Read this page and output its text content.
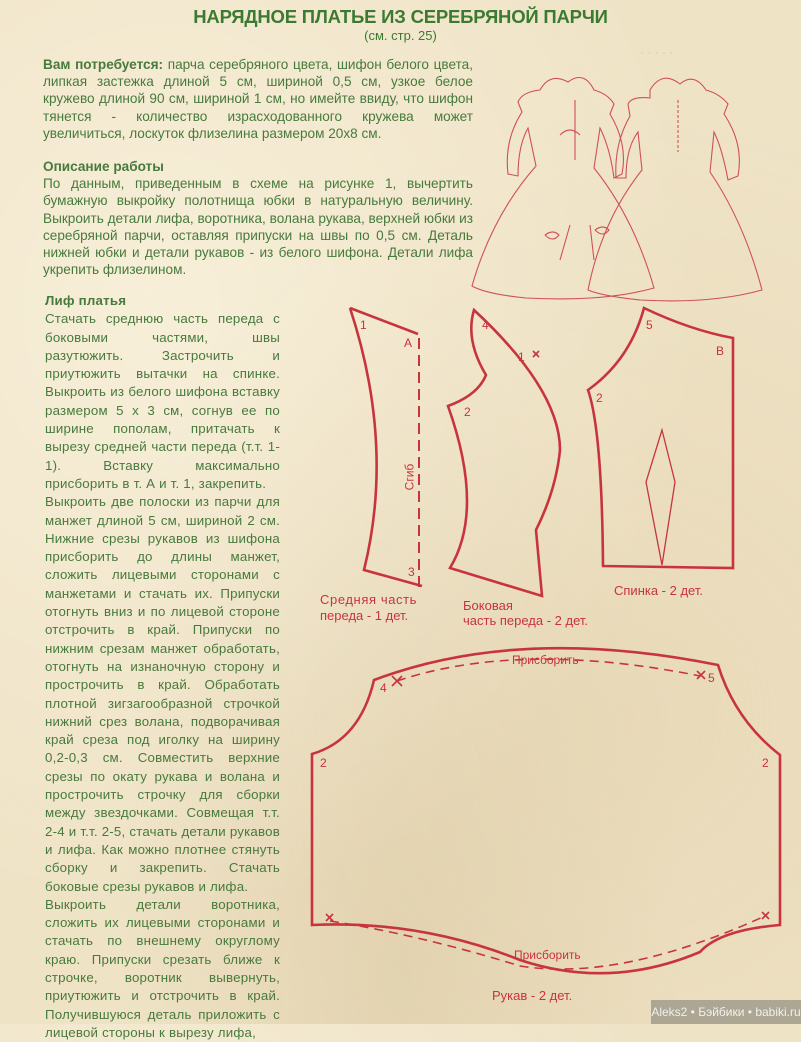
НАРЯДНОЕ ПЛАТЬЕ ИЗ СЕРЕБРЯНОЙ ПАРЧИ
(см. стр. 25)
· · · · ·

Вам потребуется: парча серебряного цвета, шифон белого цвета, липкая застежка длиной 5 см, шириной 0,5 см, узкое белое кружево длиной 90 см, шириной 1 см, но имейте ввиду, что шифон тянется - количество израсходованного кружева может увеличиться, лоскуток флизелина размером 20х8 см.

Описание работы

По данным, приведенным в схеме на рисунке 1, вычертить бумажную выкройку полотнища юбки в натуральную величину. Выкроить детали лифа, воротника, волана рукава, верхней юбки из серебряной парчи, оставляя припуски на швы по 0,5 см. Деталь нижней юбки и детали рукавов - из белого шифона. Детали лифа укрепить флизелином.

Лиф платья

Стачать среднюю часть переда с боковыми частями, швы разутюжить. Застрочить и приутюжить вытачки на спинке. Выкроить из белого шифона вставку размером 5 х 3 см, согнув ее по ширине пополам, притачать к вырезу средней части переда (т.т. 1-1). Вставку максимально присборить в т. А и т. 1, закрепить.

Выкроить две полоски из парчи для манжет длиной 5 см, шириной 2 см. Нижние срезы рукавов из шифона присборить до длины манжет, сложить лицевыми сторонами с манжетами и стачать их. Припуски отогнуть вниз и по лицевой стороне отстрочить в край. Припуски по нижним срезам манжет обработать, отогнуть на изнаночную сторону и прострочить в край. Обработать плотной зигзагообразной строчкой нижний срез волана, подворачивая край среза под иголку на ширину 0,2-0,3 см. Совместить верхние срезы по окату рукава и волана и прострочить строчку для сборки между звездочками. Совмещая т.т. 2-4 и т.т. 2-5, стачать детали рукавов и лифа. Как можно плотнее стянуть сборку и закрепить. Стачать боковые срезы рукавов и лифа.

Выкроить детали воротника, сложить их лицевыми сторонами и стачать по внешнему округлому краю. Припуски срезать ближе к строчке, воротник вывернуть, приутюжить и отстрочить в край. Получившуюся деталь приложить с лицевой стороны к вырезу лифа,

1
А
3
Сгиб
4
1
2
5
В
2
4
5
2	2
Средняя часть
переда - 1 дет.
Боковая
часть переда - 2 дет.
Спинка - 2 дет.
Присборить
Присборить
Рукав - 2 дет.
Aleks2 • Бэйбики • babiki.ru
